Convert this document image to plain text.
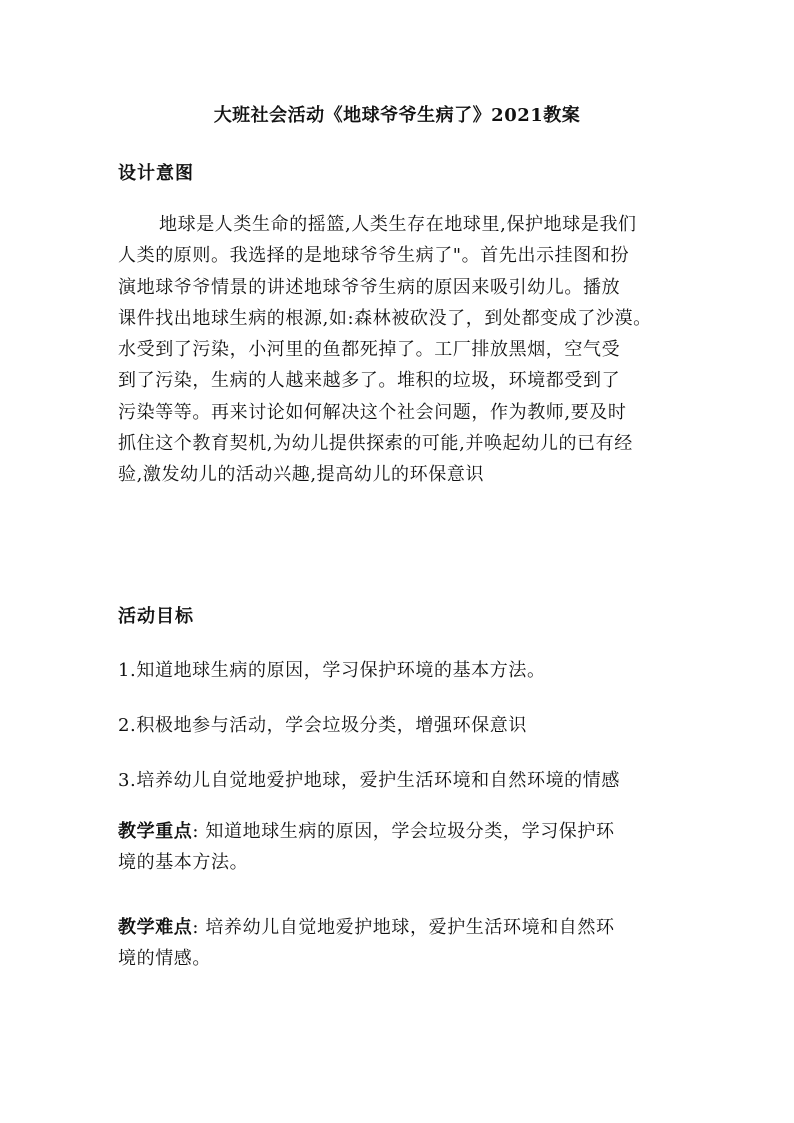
大班社会活动《地球爷爷生病了》2021教案
设计意图
地球是人类生命的摇篮,人类生存在地球里,保护地球是我们
人类的原则。我选择的是地球爷爷生病了"。首先出示挂图和扮
演地球爷爷情景的讲述地球爷爷生病的原因来吸引幼儿。播放
课件找出地球生病的根源,如:森林被砍没了，到处都变成了沙漠。
水受到了污染，小河里的鱼都死掉了。工厂排放黑烟，空气受
到了污染，生病的人越来越多了。堆积的垃圾，环境都受到了
污染等等。再来讨论如何解决这个社会问题，作为教师,要及时
抓住这个教育契机,为幼儿提供探索的可能,并唤起幼儿的已有经
验,激发幼儿的活动兴趣,提高幼儿的环保意识
活动目标
1.知道地球生病的原因，学习保护环境的基本方法。
2.积极地参与活动，学会垃圾分类，增强环保意识
3.培养幼儿自觉地爱护地球，爱护生活环境和自然环境的情感
教学重点: 知道地球生病的原因，学会垃圾分类，学习保护环
境的基本方法。
教学难点: 培养幼儿自觉地爱护地球，爱护生活环境和自然环
境的情感。
